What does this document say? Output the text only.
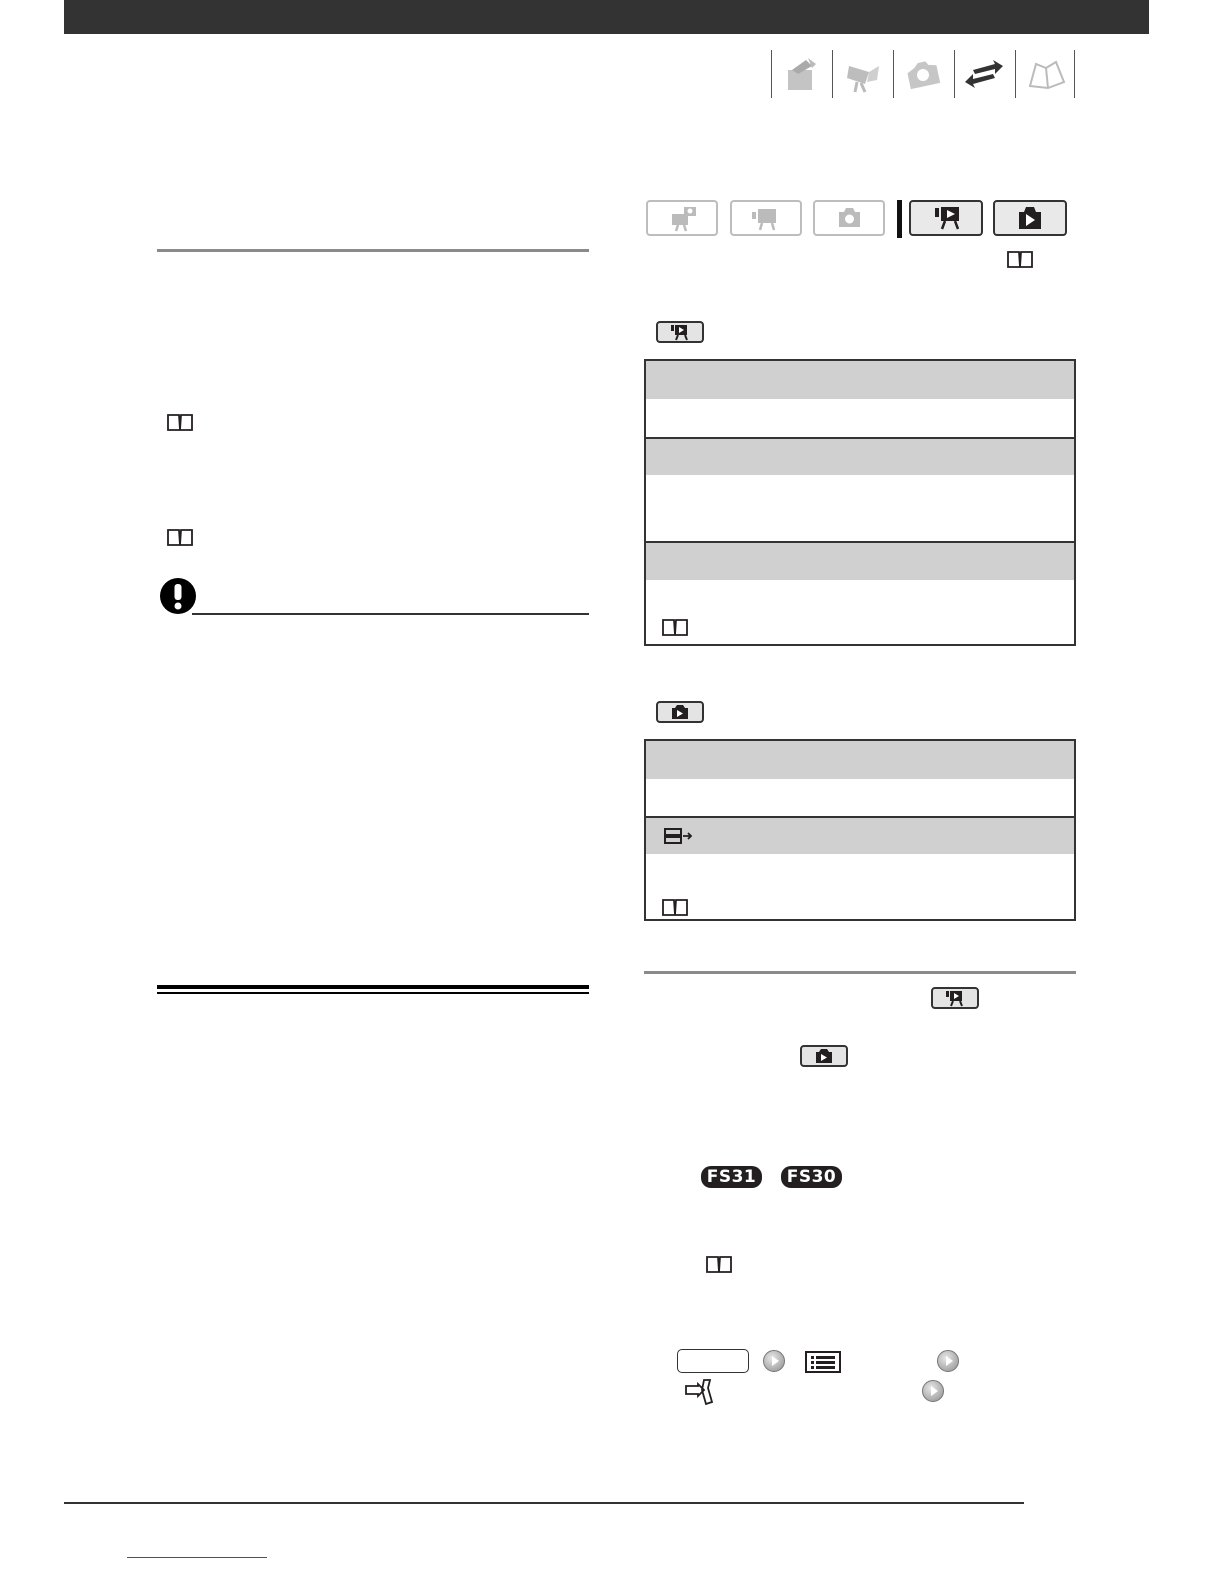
FS31	FS30
